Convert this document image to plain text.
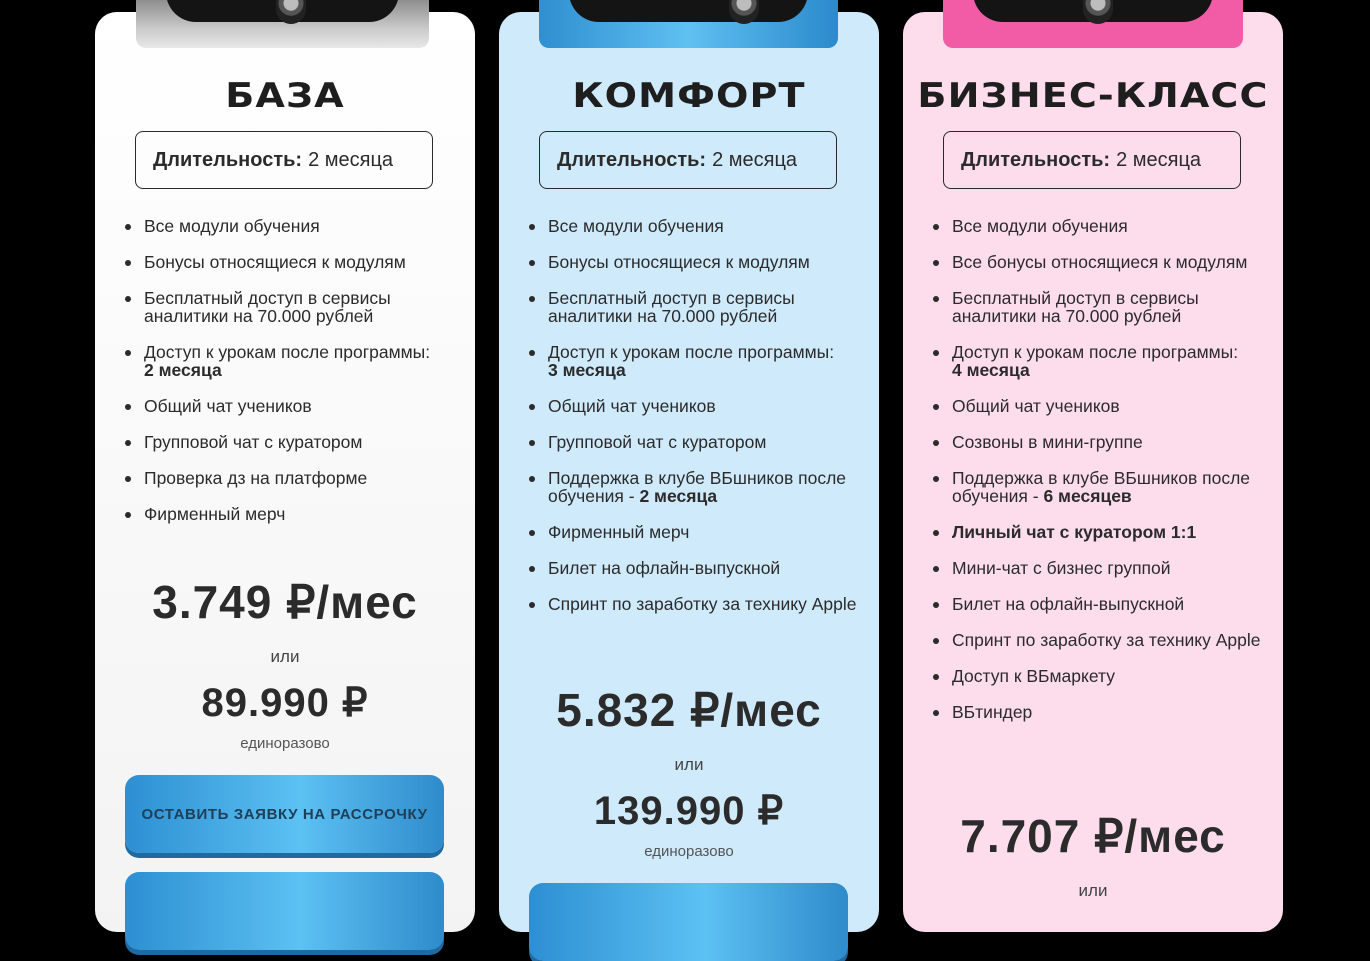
БАЗА
Длительность: 2 месяца
Все модули обучения
Бонусы относящиеся к модулям
Бесплатный доступ в сервисы аналитики на 70.000 рублей
Доступ к урокам после программы:
2 месяца
Общий чат учеников
Групповой чат с куратором
Проверка дз на платформе
Фирменный мерч
3.749 ₽/мес
или
89.990 ₽
единоразово
ОСТАВИТЬ ЗАЯВКУ НА РАССРОЧКУ
КОМФОРТ
Длительность: 2 месяца
Все модули обучения
Бонусы относящиеся к модулям
Бесплатный доступ в сервисы аналитики на 70.000 рублей
Доступ к урокам после программы:
3 месяца
Общий чат учеников
Групповой чат с куратором
Поддержка в клубе ВБшников после обучения - 2 месяца
Фирменный мерч
Билет на офлайн-выпускной
Спринт по заработку за технику Apple
5.832 ₽/мес
или
139.990 ₽
единоразово
БИЗНЕС-КЛАСС
Длительность: 2 месяца
Все модули обучения
Все бонусы относящиеся к модулям
Бесплатный доступ в сервисы аналитики на 70.000 рублей
Доступ к урокам после программы:
4 месяца
Общий чат учеников
Созвоны в мини-группе
Поддержка в клубе ВБшников после обучения - 6 месяцев
Личный чат с куратором 1:1
Мини-чат с бизнес группой
Билет на офлайн-выпускной
Спринт по заработку за технику Apple
Доступ к ВБмаркету
ВБтиндер
7.707 ₽/мес
или
